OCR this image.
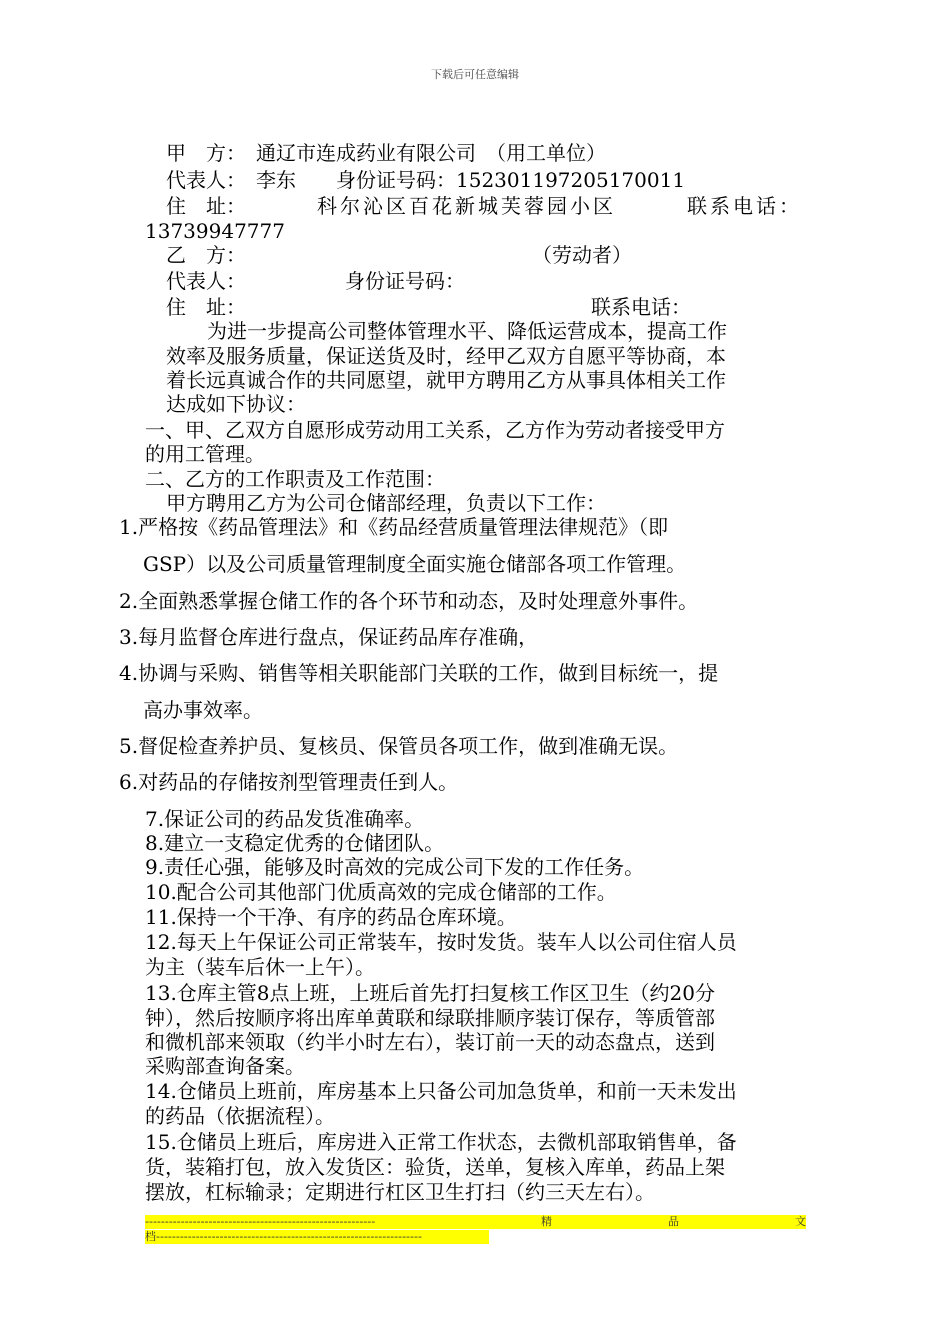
下载后可任意编辑
甲　方：　通辽市连成药业有限公司　（用工单位）
代表人：　李东　　身份证号码：152301197205170011
住　址：	科尔沁区百花新城芙蓉园小区	联系电话：
13739947777
乙　方：	（劳动者）
代表人：	身份证号码：
住　址：	联系电话：
为进一步提高公司整体管理水平、降低运营成本，提高工作
效率及服务质量，保证送货及时，经甲乙双方自愿平等协商，本
着长远真诚合作的共同愿望，就甲方聘用乙方从事具体相关工作
达成如下协议：
一、甲、乙双方自愿形成劳动用工关系，乙方作为劳动者接受甲方
的用工管理。
二、乙方的工作职责及工作范围：
甲方聘用乙方为公司仓储部经理，负责以下工作：
1.严格按《药品管理法》和《药品经营质量管理法律规范》（即
GSP）以及公司质量管理制度全面实施仓储部各项工作管理。
2.全面熟悉掌握仓储工作的各个环节和动态，及时处理意外事件。
3.每月监督仓库进行盘点，保证药品库存准确，
4.协调与采购、销售等相关职能部门关联的工作，做到目标统一，提
高办事效率。
5.督促检查养护员、复核员、保管员各项工作，做到准确无误。
6.对药品的存储按剂型管理责任到人。
7.保证公司的药品发货准确率。
8.建立一支稳定优秀的仓储团队。
9.责任心强，能够及时高效的完成公司下发的工作任务。
10.配合公司其他部门优质高效的完成仓储部的工作。
11.保持一个干净、有序的药品仓库环境。
12.每天上午保证公司正常装车，按时发货。装车人以公司住宿人员
为主（装车后休一上午）。
13.仓库主管8点上班，上班后首先打扫复核工作区卫生（约20分
钟），然后按顺序将出库单黄联和绿联排顺序装订保存，等质管部
和微机部来领取（约半小时左右），装订前一天的动态盘点，送到
采购部查询备案。
14.仓储员上班前，库房基本上只备公司加急货单，和前一天未发出
的药品（依据流程）。
15.仓储员上班后，库房进入正常工作状态，去微机部取销售单，备
货，装箱打包，放入发货区：验货，送单，复核入库单，药品上架
摆放，杠标输录；定期进行杠区卫生打扫（约三天左右）。
----------------------------------------------------------	精	品	文
档-------------------------------------------------------------------
